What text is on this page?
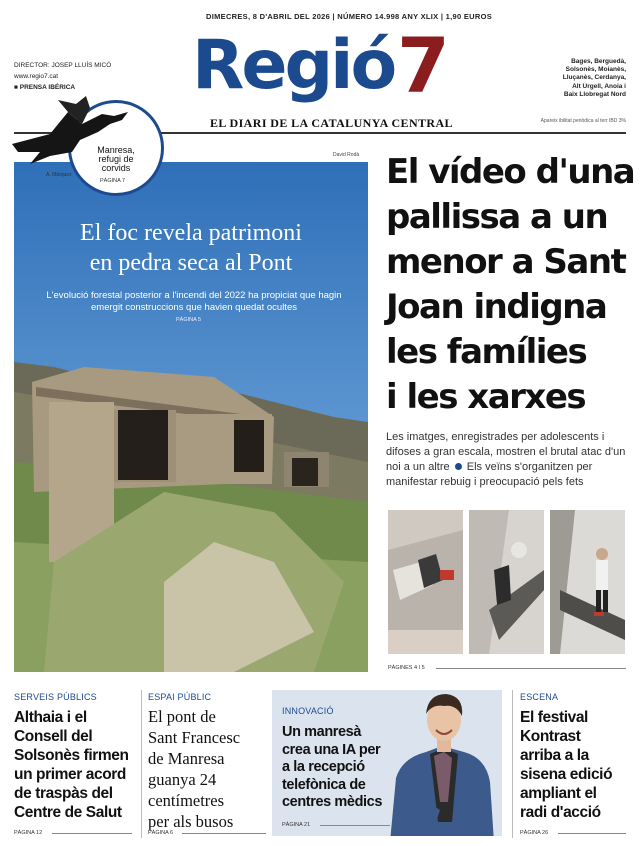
DIMECRES, 8 D'ABRIL DEL 2026 | NÚMERO 14.998 ANY XLIX | 1,90 EUROS
DIRECTOR: JOSEP LLUÍS MICÓ
www.regio7.cat
■ PRENSA IBÉRICA Regió 7
EL DIARI DE LA CATALUNYA CENTRAL
Bages, Berguedà,
Solsonès, Moianès,
Lluçanès, Cerdanya,
Alt Urgell, Anoia i
Baix Llobregat Nord
Apareix ibilitat periòdica al terr IBD 3%
David Rodà
El foc revela patrimoni
en pedra seca al Pont
L'evolució forestal posterior a l'incendi del 2022 ha propiciat que hagin emergit construccions que havien quedat ocultes
PÀGINA 5
A. Márquez
Manresa,
refugi de
corvids
PÀGINA 7	El vídeo d'una
pallissa a un
menor a Sant
Joan indigna
les famílies
i les xarxes
Les imatges, enregistrades per adolescents i difoses a gran escala, mostren el brutal atac d'un noi a un altre Els veïns s'organitzen per manifestar rebuig i preocupació pels fets
PÀGINES 4 I 5
SERVEIS PÚBLICS
Althaia i el
Consell del
Solsonès firmen
un primer acord
de traspàs del
Centre de Salut
PÀGINA 12
ESPAI PÚBLIC
El pont de
Sant Francesc
de Manresa
guanya 24
centímetres
per als busos
PÀGINA 6
INNOVACIÓ
Un manresà
crea una IA per
a la recepció
telefònica de
centres mèdics
PÀGINA 21
ESCENA
El festival
Kontrast
arriba a la
sisena edició
ampliant el
radi d'acció
PÀGINA 26
